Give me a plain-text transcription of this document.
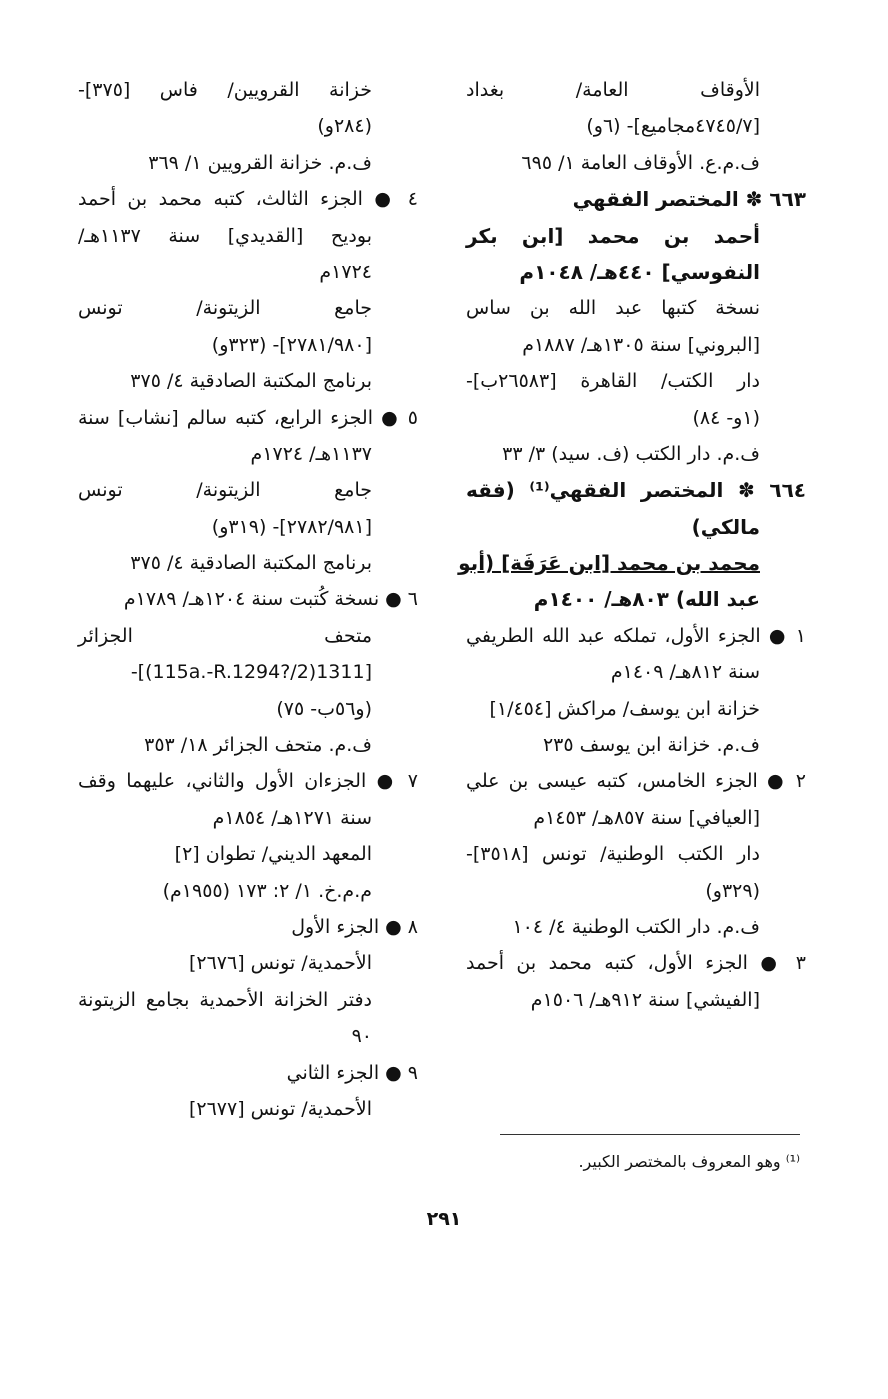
الأوقاف العامة/ بغداد
[٤٧٤٥/٧مجاميع]- (٦و)
ف.م.ع. الأوقاف العامة ١/ ٦٩٥
٦٦٣ ✽ المختصر الفقهي
أحمد بن محمد [ابن بكر
النفوسي] ٤٤٠هـ/ ١٠٤٨م
نسخة كتبها عبد الله بن ساس
[البروني] سنة ١٣٠٥هـ/ ١٨٨٧م
دار الكتب/ القاهرة [٢٦٥٨٣ب]-
(١و- ٨٤)
ف.م. دار الكتب (ف. سيد) ٣/ ٣٣
٦٦٤ ✽ المختصر الفقهي⁽¹⁾ (فقه
مالكي)
محمد بن محمد [ابن عَرَفَة] (أبو
عبد الله) ٨٠٣هـ/ ١٤٠٠م
١ ● الجزء الأول، تملكه عبد الله الطريفي
سنة ٨١٢هـ/ ١٤٠٩م
خزانة ابن يوسف/ مراكش [١/٤٥٤]
ف.م. خزانة ابن يوسف ٢٣٥
٢ ● الجزء الخامس، كتبه عيسى بن علي
[العيافي] سنة ٨٥٧هـ/ ١٤٥٣م
دار الكتب الوطنية/ تونس [٣٥١٨]-
(٣٢٩و)
ف.م. دار الكتب الوطنية ٤/ ١٠٤
٣ ● الجزء الأول، كتبه محمد بن أحمد
[الفيشي] سنة ٩١٢هـ/ ١٥٠٦م
خزانة القرويين/ فاس [٣٧٥]-
(٢٨٤و)
ف.م. خزانة القرويين ١/ ٣٦٩
٤ ● الجزء الثالث، كتبه محمد بن أحمد
بوديح [القديدي] سنة ١١٣٧هـ/
١٧٢٤م
جامع الزيتونة/ تونس
[٢٧٨١/٩٨٠]- (٣٢٣و)
برنامج المكتبة الصادقية ٤/ ٣٧٥
٥ ● الجزء الرابع، كتبه سالم [نشاب] سنة
١١٣٧هـ/ ١٧٢٤م
جامع الزيتونة/ تونس
[٢٧٨٢/٩٨١]- (٣١٩و)
برنامج المكتبة الصادقية ٤/ ٣٧٥
٦ ● نسخة كُتبت سنة ١٢٠٤هـ/ ١٧٨٩م
متحف الجزائر
[1311(115a.-R.1294?/2)]-
(و٥٦ب- ٧٥)
ف.م. متحف الجزائر ١٨/ ٣٥٣
٧ ● الجزءان الأول والثاني، عليهما وقف
سنة ١٢٧١هـ/ ١٨٥٤م
المعهد الديني/ تطوان [٢]
م.م.خ. ١/ ٢: ١٧٣ (١٩٥٥م)
٨ ● الجزء الأول
الأحمدية/ تونس [٢٦٧٦]
دفتر الخزانة الأحمدية بجامع الزيتونة
٩٠
٩ ● الجزء الثاني
الأحمدية/ تونس [٢٦٧٧]
⁽¹⁾ وهو المعروف بالمختصر الكبير.
٢٩١
